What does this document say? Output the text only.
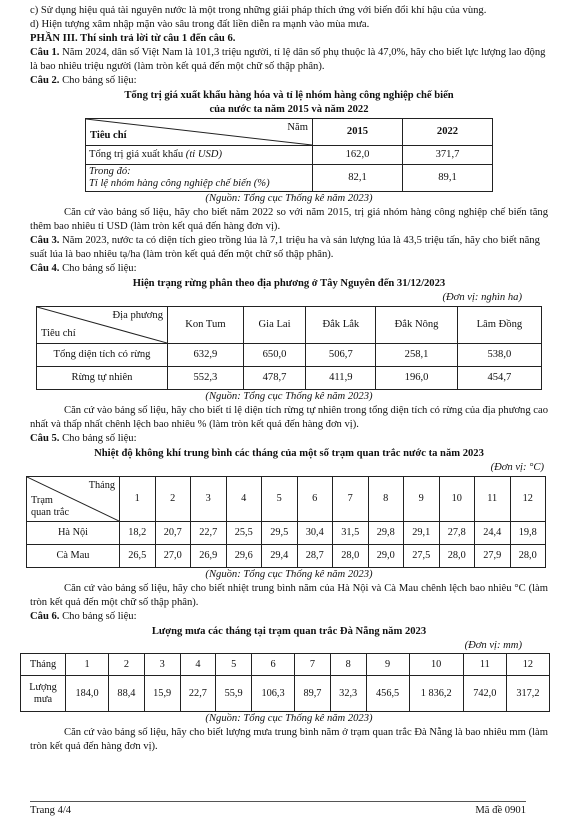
c) Sử dụng hiệu quả tài nguyên nước là một trong những giải pháp thích ứng với biến đổi khí hậu của vùng.

d) Hiện tượng xâm nhập mặn vào sâu trong đất liền diễn ra mạnh vào mùa mưa.

PHẦN III. Thí sinh trả lời từ câu 1 đến câu 6.

Câu 1. Năm 2024, dân số Việt Nam là 101,3 triệu người, tỉ lệ dân số phụ thuộc là 47,0%, hãy cho biết lực lượng lao động là bao nhiêu triệu người (làm tròn kết quả đến một chữ số thập phân).

Câu 2. Cho bảng số liệu:

Tổng trị giá xuất khẩu hàng hóa và tỉ lệ nhóm hàng công nghiệp chế biến

của nước ta năm 2015 và năm 2022

Năm
Tiêu chí	2015	2022
Tổng trị giá xuất khẩu (tỉ USD)	162,0	371,7

Trong đó:
Tỉ lệ nhóm hàng công nghiệp chế biến (%)	82,1	89,1

(Nguồn: Tổng cục Thống kê năm 2023)

Căn cứ vào bảng số liệu, hãy cho biết năm 2022 so với năm 2015, trị giá nhóm hàng công nghiệp chế biến tăng thêm bao nhiêu tỉ USD (làm tròn kết quả đến hàng đơn vị).

Câu 3. Năm 2023, nước ta có diện tích gieo trồng lúa là 7,1 triệu ha và sản lượng lúa là 43,5 triệu tấn, hãy cho biết năng suất lúa là bao nhiêu tạ/ha (làm tròn kết quả đến một chữ số thập phân).

Câu 4. Cho bảng số liệu:

Hiện trạng rừng phân theo địa phương ở Tây Nguyên đến 31/12/2023

(Đơn vị: nghìn ha)

Địa phương
Tiêu chí	Kon Tum	Gia Lai	Đắk Lắk	Đắk Nông	Lâm Đồng
Tổng diện tích có rừng	632,9	650,0	506,7	258,1	538,0
Rừng tự nhiên	552,3	478,7	411,9	196,0	454,7

(Nguồn: Tổng cục Thống kê năm 2023)

Căn cứ vào bảng số liệu, hãy cho biết tỉ lệ diện tích rừng tự nhiên trong tổng diện tích có rừng của địa phương cao nhất và thấp nhất chênh lệch bao nhiêu % (làm tròn kết quả đến hàng đơn vị).

Câu 5. Cho bảng số liệu:

Nhiệt độ không khí trung bình các tháng của một số trạm quan trắc nước ta năm 2023

(Đơn vị: °C)

Tháng
Trạm
quan trắc	1	2	3	4	5	6	7	8	9	10	11	12
Hà Nội	18,2	20,7	22,7	25,5	29,5	30,4	31,5	29,8	29,1	27,8	24,4	19,8
Cà Mau	26,5	27,0	26,9	29,6	29,4	28,7	28,0	29,0	27,5	28,0	27,9	28,0

(Nguồn: Tổng cục Thống kê năm 2023)

Căn cứ vào bảng số liệu, hãy cho biết nhiệt trung bình năm của Hà Nội và Cà Mau chênh lệch bao nhiêu °C (làm tròn kết quả đến một chữ số thập phân).

Câu 6. Cho bảng số liệu:

Lượng mưa các tháng tại trạm quan trắc Đà Nẵng năm 2023

(Đơn vị: mm)

Tháng	1	2	3	4	5	6	7	8	9	10	11	12

Lượng
mưa	184,0	88,4	15,9	22,7	55,9	106,3	89,7	32,3	456,5	1 836,2	742,0	317,2

(Nguồn: Tổng cục Thống kê năm 2023)

Căn cứ vào bảng số liệu, hãy cho biết lượng mưa trung bình năm ở trạm quan trắc Đà Nẵng là bao nhiêu mm (làm tròn kết quả đến hàng đơn vị).

Trang 4/4	Mã đề 0901
